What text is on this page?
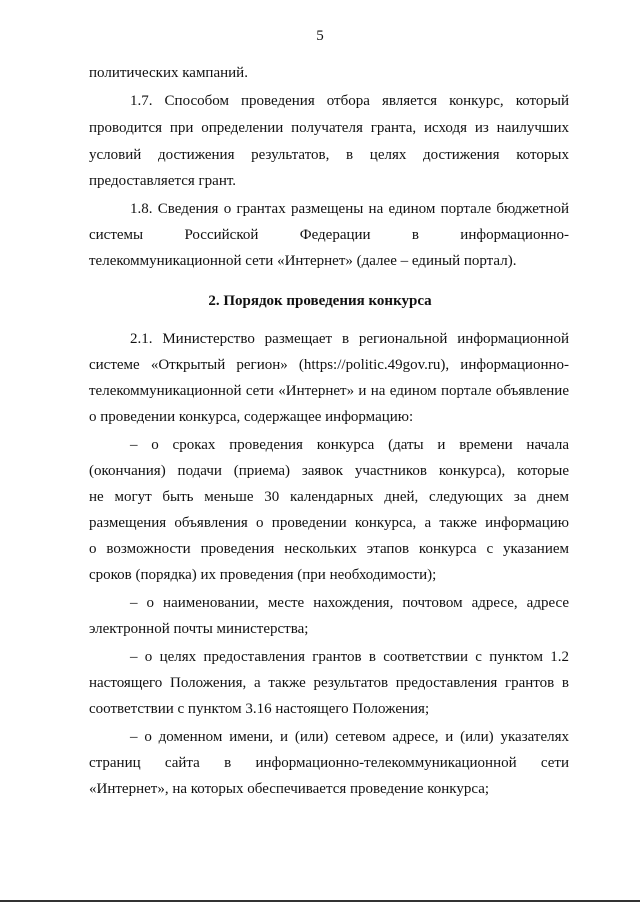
5
политических кампаний.
1.7. Способом проведения отбора является конкурс, который
проводится при определении получателя гранта, исходя из наилучших
условий достижения результатов, в целях достижения которых
предоставляется грант.
1.8. Сведения о грантах размещены на едином портале бюджетной
системы Российской Федерации в информационно-
телекоммуникационной сети «Интернет» (далее – единый портал).
2. Порядок проведения конкурса
2.1. Министерство размещает в региональной информационной
системе «Открытый регион» (https://politic.49gov.ru), информационно-
телекоммуникационной сети «Интернет» и на едином портале объявление
о проведении конкурса, содержащее информацию:
– о сроках проведения конкурса (даты и времени начала
(окончания) подачи (приема) заявок участников конкурса), которые
не могут быть меньше 30 календарных дней, следующих за днем
размещения объявления о проведении конкурса, а также информацию
о возможности проведения нескольких этапов конкурса с указанием
сроков (порядка) их проведения (при необходимости);
– о наименовании, месте нахождения, почтовом адресе, адресе
электронной почты министерства;
– о целях предоставления грантов в соответствии с пунктом 1.2
настоящего Положения, а также результатов предоставления грантов в
соответствии с пунктом 3.16 настоящего Положения;
– о доменном имени, и (или) сетевом адресе, и (или) указателях
страниц сайта в информационно-телекоммуникационной сети
«Интернет», на которых обеспечивается проведение конкурса;
